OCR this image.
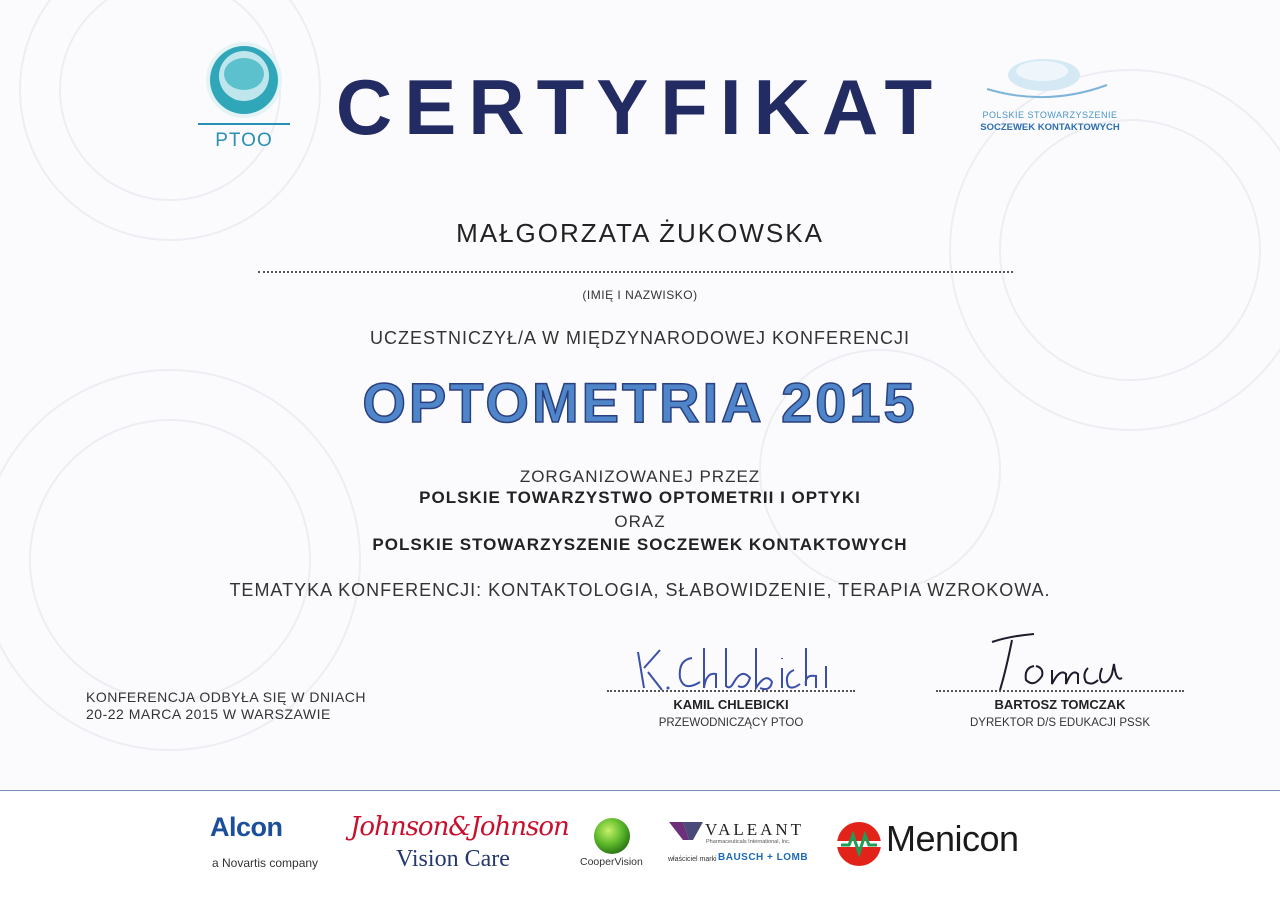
PTOO CERTYFIKAT	POLSKIE STOWARZYSZENIE
SOCZEWEK KONTAKTOWYCH
MAŁGORZATA ŻUKOWSKA
(IMIĘ I NAZWISKO)
UCZESTNICZYŁ/A W MIĘDZYNARODOWEJ KONFERENCJI
OPTOMETRIA 2015
ZORGANIZOWANEJ PRZEZ
POLSKIE TOWARZYSTWO OPTOMETRII I OPTYKI
ORAZ
POLSKIE STOWARZYSZENIE SOCZEWEK KONTAKTOWYCH
TEMATYKA KONFERENCJI: KONTAKTOLOGIA, SŁABOWIDZENIE, TERAPIA WZROKOWA.
KONFERENCJA ODBYŁA SIĘ W DNIACH
20-22 MARCA 2015 W WARSZAWIE
KAMIL CHLEBICKI
PRZEWODNICZĄCY PTOO
BARTOSZ TOMCZAK
DYREKTOR D/S EDUKACJI PSSK
Alcon
a Novartis company
Johnson&Johnson
Vision Care	CooperVision
VALEANT
Pharmaceuticals International, Inc.
właściciel marki BAUSCH + LOMB Menicon
